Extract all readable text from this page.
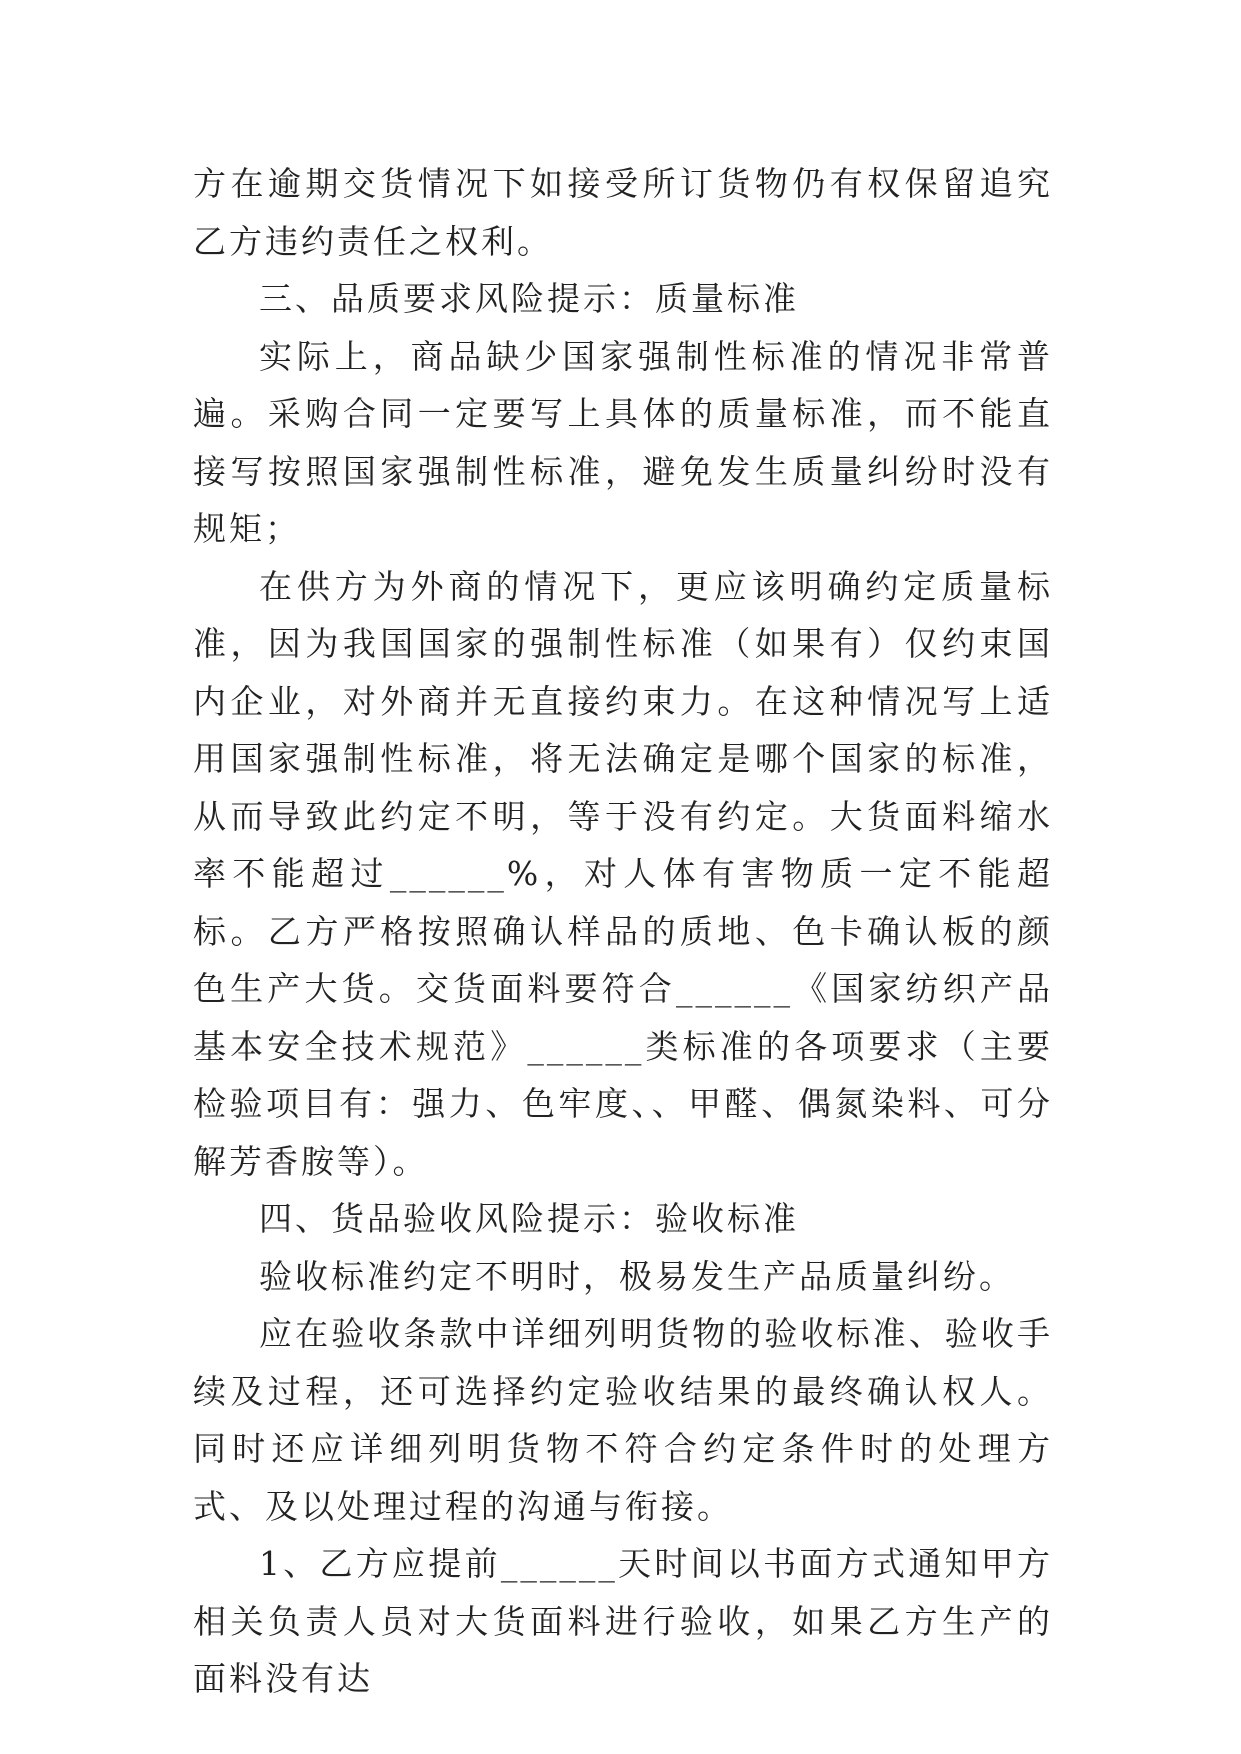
方在逾期交货情况下如接受所订货物仍有权保留追究乙方违约责任之权利。

三、品质要求风险提示：质量标准

实际上，商品缺少国家强制性标准的情况非常普遍。采购合同一定要写上具体的质量标准，而不能直接写按照国家强制性标准，避免发生质量纠纷时没有规矩；

在供方为外商的情况下，更应该明确约定质量标准，因为我国国家的强制性标准（如果有）仅约束国内企业，对外商并无直接约束力。在这种情况写上适用国家强制性标准，将无法确定是哪个国家的标准，从而导致此约定不明，等于没有约定。大货面料缩水率不能超过______%，对人体有害物质一定不能超标。乙方严格按照确认样品的质地、色卡确认板的颜色生产大货。交货面料要符合______《国家纺织产品基本安全技术规范》______类标准的各项要求（主要检验项目有：强力、色牢度、、甲醛、偶氮染料、可分解芳香胺等）。

四、货品验收风险提示：验收标准

验收标准约定不明时，极易发生产品质量纠纷。

应在验收条款中详细列明货物的验收标准、验收手续及过程，还可选择约定验收结果的最终确认权人。同时还应详细列明货物不符合约定条件时的处理方式、及以处理过程的沟通与衔接。

1、乙方应提前______天时间以书面方式通知甲方相关负责人员对大货面料进行验收，如果乙方生产的面料没有达
